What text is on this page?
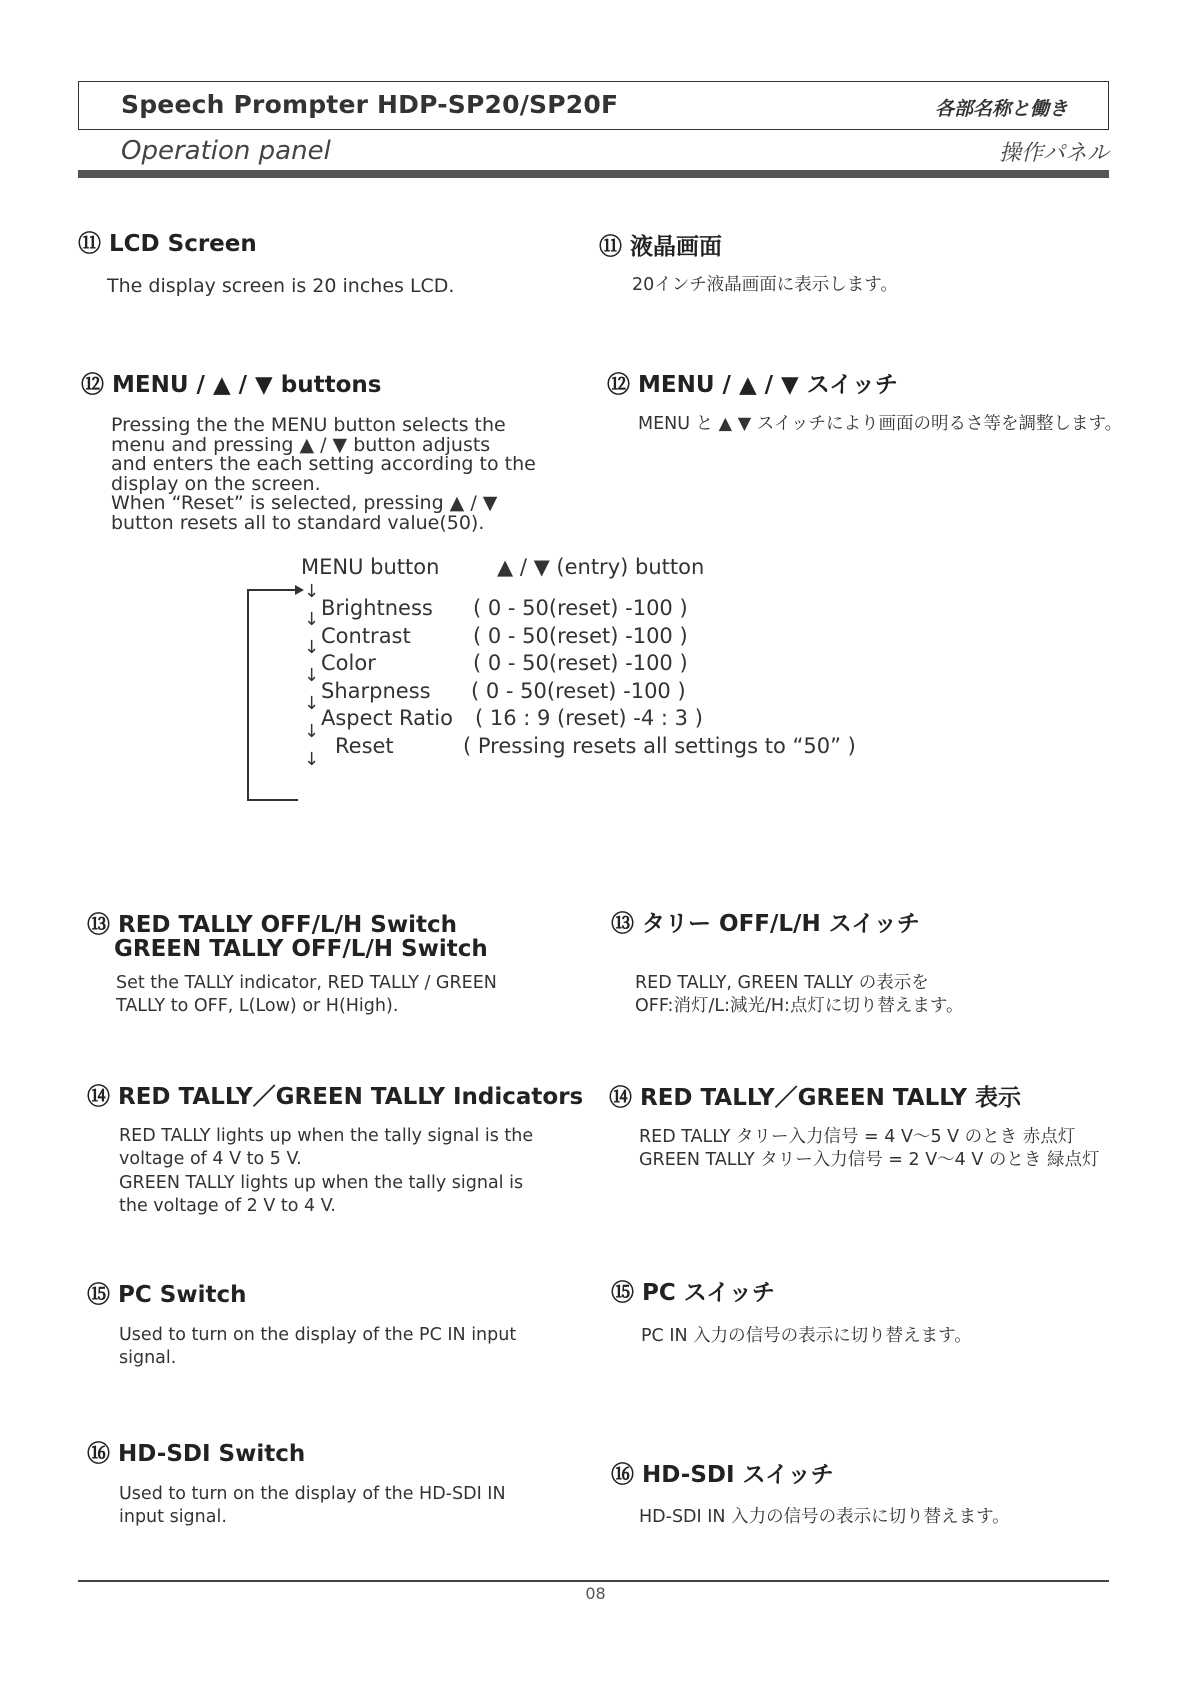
Speech Prompter HDP-SP20/SP20F	各部名称と働き
Operation panel	操作パネル
⑪ LCD Screen
The display screen is 20 inches LCD.
⑪ 液晶画面
20インチ液晶画面に表示します。
⑫ MENU / ▲ / ▼ buttons
Pressing the the MENU button selects the
menu and pressing ▲ / ▼ button adjusts
and enters the each setting according to the
display on the screen.
When “Reset” is selected, pressing ▲ / ▼
button resets all to standard value(50).
⑫ MENU / ▲ / ▼ スイッチ
MENU と ▲ ▼ スイッチにより画面の明るさ等を調整します。
MENU button	▲ / ▼ (entry) button
↓
↓
↓
↓
↓
↓
↓
Brightness ( 0 - 50(reset) -100 )
Contrast	( 0 - 50(reset) -100 )
Color	( 0 - 50(reset) -100 )
Sharpness ( 0 - 50(reset) -100 )
Aspect Ratio ( 16 : 9 (reset) -4 : 3 )
Reset	( Pressing resets all settings to “50” )
⑬ RED TALLY OFF/L/H Switch
GREEN TALLY OFF/L/H Switch
Set the TALLY indicator, RED TALLY / GREEN
TALLY to OFF, L(Low) or H(High).
⑬ タリー OFF/L/H スイッチ
RED TALLY, GREEN TALLY の表示を
OFF:消灯/L:減光/H:点灯に切り替えます。
⑭ RED TALLY／GREEN TALLY Indicators
RED TALLY lights up when the tally signal is the
voltage of 4 V to 5 V.
GREEN TALLY lights up when the tally signal is
the voltage of 2 V to 4 V.
⑭ RED TALLY／GREEN TALLY 表示
RED TALLY タリー入力信号 = 4 V〜5 V のとき 赤点灯
GREEN TALLY タリー入力信号 = 2 V〜4 V のとき 緑点灯
⑮ PC Switch
Used to turn on the display of the PC IN input
signal.
⑮ PC スイッチ
PC IN 入力の信号の表示に切り替えます。
⑯ HD-SDI Switch
Used to turn on the display of the HD-SDI IN
input signal.
⑯ HD-SDI スイッチ
HD-SDI IN 入力の信号の表示に切り替えます。
08
